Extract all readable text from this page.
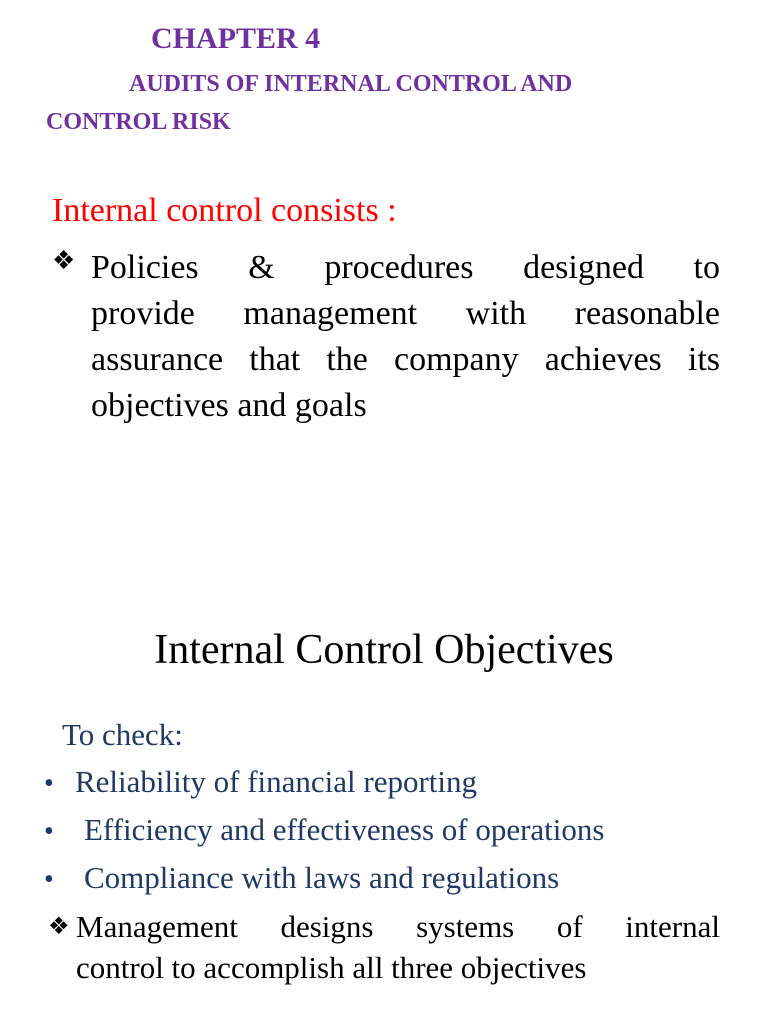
CHAPTER 4
AUDITS OF INTERNAL CONTROL AND
CONTROL RISK
Internal control consists :
❖ Policies & procedures designed to
provide management with reasonable
assurance that the company achieves its
objectives and goals
Internal Control Objectives
To check:
• Reliability of financial reporting
• Efficiency and effectiveness of operations
• Compliance with laws and regulations
❖ Management designs systems of internal
control to accomplish all three objectives
